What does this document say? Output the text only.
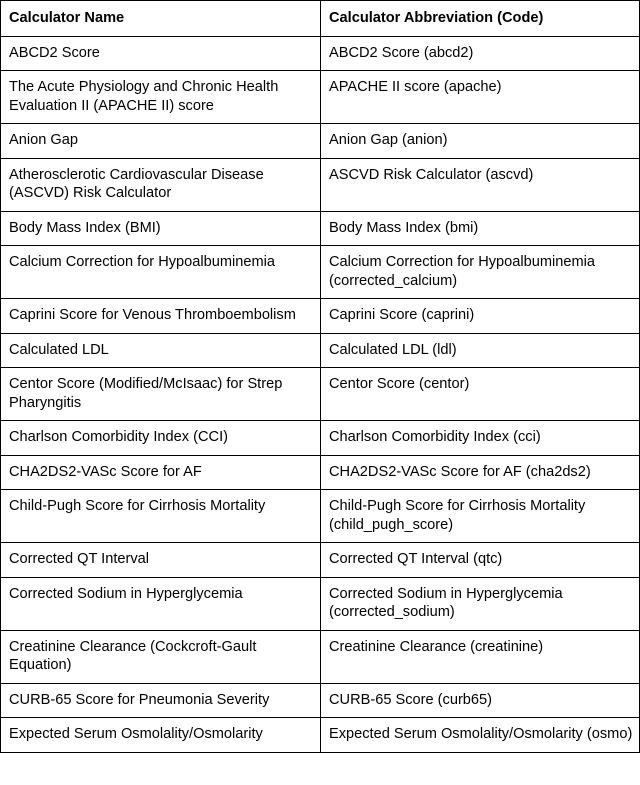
Calculator Name	Calculator Abbreviation (Code)
ABCD2 Score	ABCD2 Score (abcd2)
The Acute Physiology and Chronic Health Evaluation II (APACHE II) score	APACHE II score (apache)
Anion Gap	Anion Gap (anion)
Atherosclerotic Cardiovascular Disease (ASCVD) Risk Calculator	ASCVD Risk Calculator (ascvd)
Body Mass Index (BMI)	Body Mass Index (bmi)
Calcium Correction for Hypoalbuminemia	Calcium Correction for Hypoalbuminemia (corrected_calcium)
Caprini Score for Venous Thromboembolism	Caprini Score (caprini)
Calculated LDL	Calculated LDL (ldl)
Centor Score (Modified/McIsaac) for Strep Pharyngitis	Centor Score (centor)
Charlson Comorbidity Index (CCI)	Charlson Comorbidity Index (cci)
CHA2DS2-VASc Score for AF	CHA2DS2-VASc Score for AF (cha2ds2)
Child-Pugh Score for Cirrhosis Mortality	Child-Pugh Score for Cirrhosis Mortality (child_pugh_score)
Corrected QT Interval	Corrected QT Interval (qtc)
Corrected Sodium in Hyperglycemia	Corrected Sodium in Hyperglycemia (corrected_sodium)
Creatinine Clearance (Cockcroft-Gault Equation)	Creatinine Clearance (creatinine)
CURB-65 Score for Pneumonia Severity	CURB-65 Score (curb65)
Expected Serum Osmolality/Osmolarity	Expected Serum Osmolality/Osmolarity (osmo)
